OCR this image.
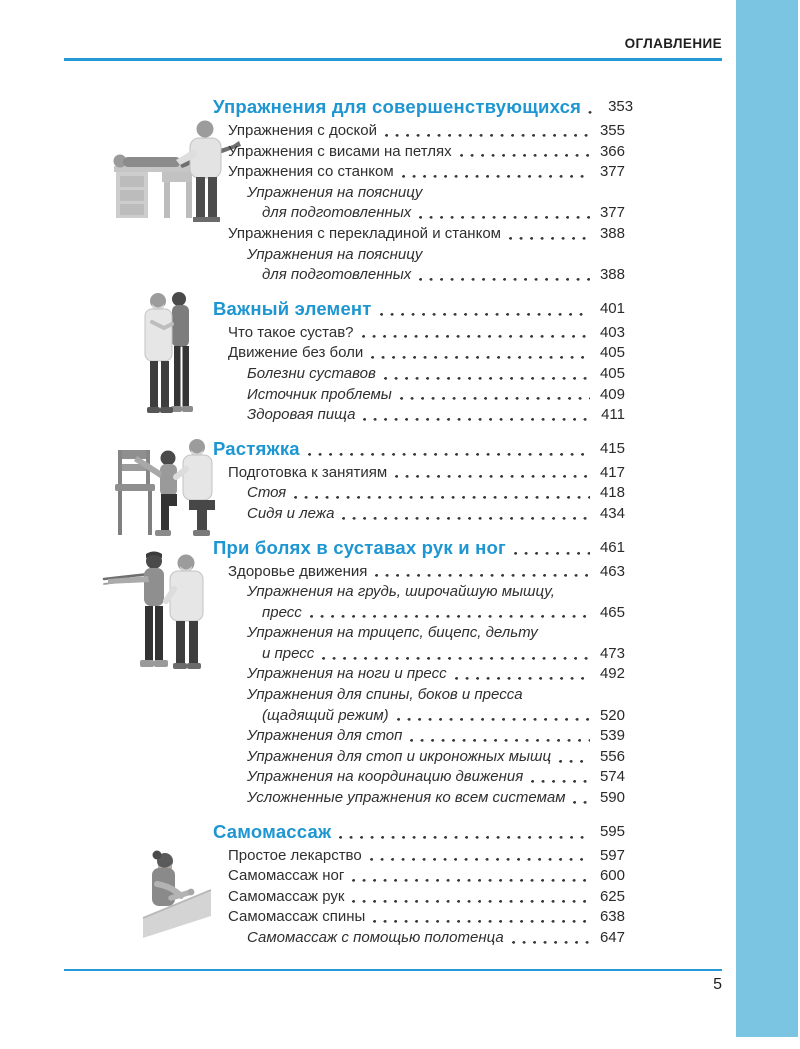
ОГЛАВЛЕНИЕ
Упражнения для совершенствующихся	353
Упражнения с доской	355
Упражнения с висами на петлях	366
Упражнения со станком	377
Упражнения на поясницу
для подготовленных	377
Упражнения с перекладиной и станком	388
Упражнения на поясницу
для подготовленных	388
Важный элемент	401
Что такое сустав?	403
Движение без боли	405
Болезни суставов	405
Источник проблемы	409
Здоровая пища	411
Растяжка	415
Подготовка к занятиям	417
Стоя	418
Сидя и лежа	434
При болях в суставах рук и ног	461
Здоровье движения	463
Упражнения на грудь, широчайшую мышцу,
пресс	465
Упражнения на трицепс, бицепс, дельту
и пресс	473
Упражнения на ноги и пресс	492
Упражнения для спины, боков и пресса
(щадящий режим)	520
Упражнения для стоп	539
Упражнения для стоп и икроножных мышц	556
Упражнения на координацию движения	574
Усложненные упражнения ко всем системам	590
Самомассаж	595
Простое лекарство	597
Самомассаж ног	600
Самомассаж рук	625
Самомассаж спины	638
Самомассаж с помощью полотенца	647
5
